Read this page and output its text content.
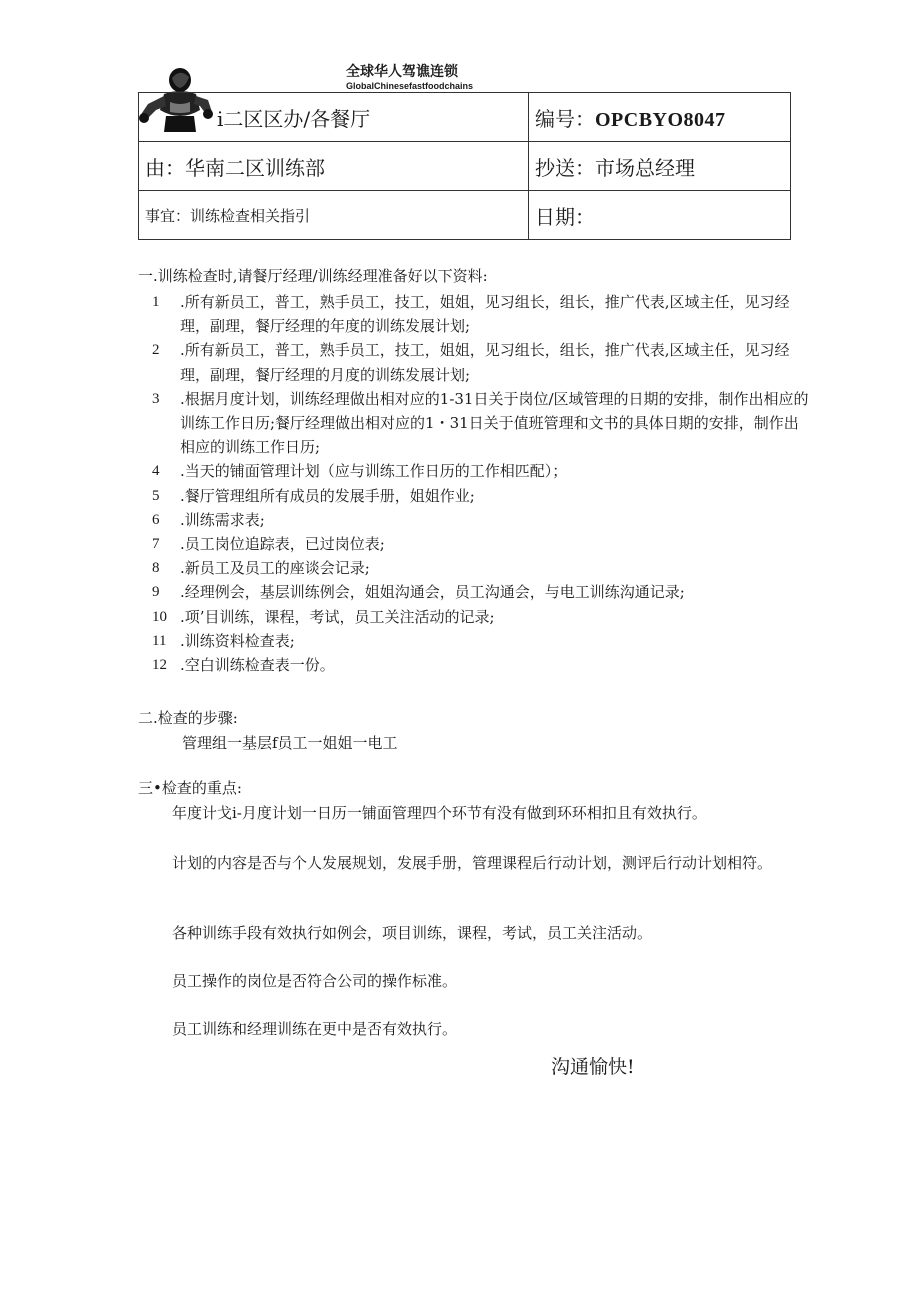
全球华人驾谯连锁
GlobalChinesefastfoodchains
i二区区办/各餐厅	编号：OPCBYO8047
由：华南二区训练部	抄送：市场总经理
事宜：训练检查相关指引	日期：
一.训练检查时,请餐厅经理/训练经理准备好以下资料:
1	.所有新员工，普工，熟手员工，技工，姐姐，见习组长，组长，推广代表,区域主任，见习经理，副理，餐厅经理的年度的训练发展计划;
2	.所有新员工，普工，熟手员工，技工，姐姐，见习组长，组长，推广代表,区域主任，见习经理，副理，餐厅经理的月度的训练发展计划;
3	.根据月度计划，训练经理做出相对应的1-31日关于岗位/区域管理的日期的安排，制作出相应的训练工作日历;餐厅经理做出相对应的1・31日关于值班管理和文书的具体日期的安排，制作出相应的训练工作日历;
4	.当天的铺面管理计划（应与训练工作日历的工作相匹配）；
5	.餐厅管理组所有成员的发展手册，姐姐作业;
6	.训练需求表;
7	.员工岗位追踪表，已过岗位表;
8	.新员工及员工的座谈会记录;
9	.经理例会，基层训练例会，姐姐沟通会，员工沟通会，与电工训练沟通记录;
10 .项’目训练，课程，考试，员工关注活动的记录;
11 .训练资料检查表;
12 .空白训练检查表一份。
二.检查的步骤:
管理组一基层f员工一姐姐一电工
三•检查的重点:
年度计戈i-月度计划一日历一铺面管理四个环节有没有做到环环相扣且有效执行。
计划的内容是否与个人发展规划，发展手册，管理课程后行动计划，测评后行动计划相符。
各种训练手段有效执行如例会，项目训练，课程，考试，员工关注活动。
员工操作的岗位是否符合公司的操作标准。
员工训练和经理训练在更中是否有效执行。
沟通愉快!
